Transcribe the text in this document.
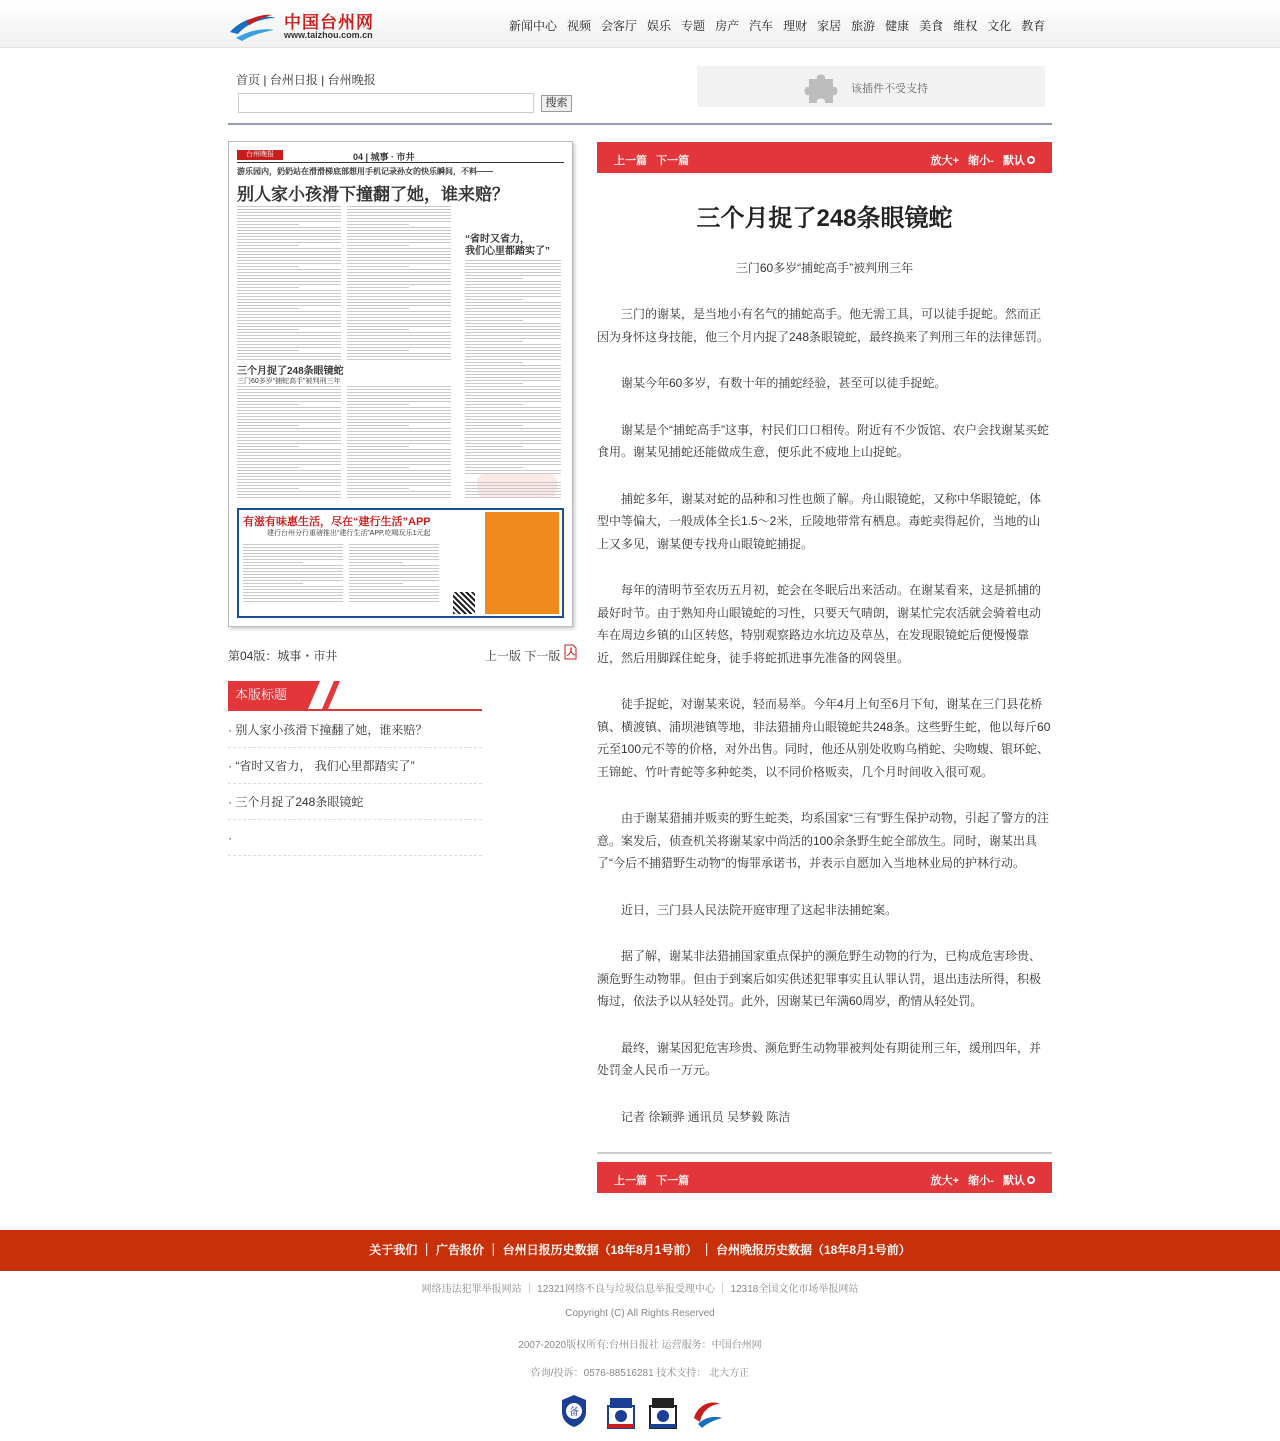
中国台州网
www.taizhou.com.cn
新闻中心 视频 会客厅 娱乐 专题 房产 汽车 理财 家居 旅游 健康 美食 维权 文化 教育
首页 | 台州日报 | 台州晚报
搜索
该插件不受支持
台州晚报	04 | 城事 · 市井
游乐园内，奶奶站在滑滑梯底部想用手机记录孙女的快乐瞬间，不料——
别人家小孩滑下撞翻了她，谁来赔？
“省时又省力，
我们心里都踏实了”
三个月捉了248条眼镜蛇
三门60多岁“捕蛇高手”被判刑三年
有滋有味惠生活，尽在“建行生活”APP
建行台州分行重磅推出“建行生活”APP,吃喝玩乐1元起
第04版：城事・市井	上一版 下一版
本版标题
· 别人家小孩滑下撞翻了她，谁来赔？
· “省时又省力， 我们心里都踏实了”
· 三个月捉了248条眼镜蛇
·
上一篇 下一篇	放大+ 缩小- 默认
三个月捉了248条眼镜蛇
三门60多岁“捕蛇高手”被判刑三年

三门的谢某，是当地小有名气的捕蛇高手。他无需工具，可以徒手捉蛇。然而正因为身怀这身技能，他三个月内捉了248条眼镜蛇，最终换来了判刑三年的法律惩罚。

谢某今年60多岁，有数十年的捕蛇经验，甚至可以徒手捉蛇。

谢某是个“捕蛇高手”这事，村民们口口相传。附近有不少饭馆、农户会找谢某买蛇食用。谢某见捕蛇还能做成生意，便乐此不疲地上山捉蛇。

捕蛇多年，谢某对蛇的品种和习性也颇了解。舟山眼镜蛇，又称中华眼镜蛇，体型中等偏大，一般成体全长1.5～2米，丘陵地带常有栖息。毒蛇卖得起价，当地的山上又多见，谢某便专找舟山眼镜蛇捕捉。

每年的清明节至农历五月初，蛇会在冬眠后出来活动。在谢某看来，这是抓捕的最好时节。由于熟知舟山眼镜蛇的习性，只要天气晴朗，谢某忙完农活就会骑着电动车在周边乡镇的山区转悠，特别观察路边水坑边及草丛，在发现眼镜蛇后便慢慢靠近，然后用脚踩住蛇身，徒手将蛇抓进事先准备的网袋里。

徒手捉蛇，对谢某来说，轻而易举。今年4月上旬至6月下旬，谢某在三门县花桥镇、横渡镇、浦坝港镇等地，非法猎捕舟山眼镜蛇共248条。这些野生蛇，他以每斤60元至100元不等的价格，对外出售。同时，他还从别处收购乌梢蛇、尖吻蝮、银环蛇、王锦蛇、竹叶青蛇等多种蛇类，以不同价格贩卖，几个月时间收入很可观。

由于谢某猎捕并贩卖的野生蛇类，均系国家“三有”野生保护动物，引起了警方的注意。案发后，侦查机关将谢某家中尚活的100余条野生蛇全部放生。同时，谢某出具了“今后不捕猎野生动物”的悔罪承诺书，并表示自愿加入当地林业局的护林行动。

近日，三门县人民法院开庭审理了这起非法捕蛇案。

据了解，谢某非法猎捕国家重点保护的濒危野生动物的行为，已构成危害珍贵、濒危野生动物罪。但由于到案后如实供述犯罪事实且认罪认罚，退出违法所得，积极悔过，依法予以从轻处罚。此外，因谢某已年满60周岁，酌情从轻处罚。

最终，谢某因犯危害珍贵、濒危野生动物罪被判处有期徒刑三年，缓刑四年，并处罚金人民币一万元。

记者 徐颖骅 通讯员 吴梦毅 陈洁

上一篇 下一篇	放大+ 缩小- 默认
关于我们 ｜ 广告报价 ｜ 台州日报历史数据（18年8月1号前） ｜ 台州晚报历史数据（18年8月1号前）
网络违法犯罪举报网站 ｜ 12321网络不良与垃圾信息举报受理中心 ｜ 12318全国文化市场举报网站
Copyright (C) All Rights Reserved
2007-2020版权所有:台州日报社 运营服务：中国台州网
咨询/投诉：0576-88516281 技术支持： 北大方正
备
